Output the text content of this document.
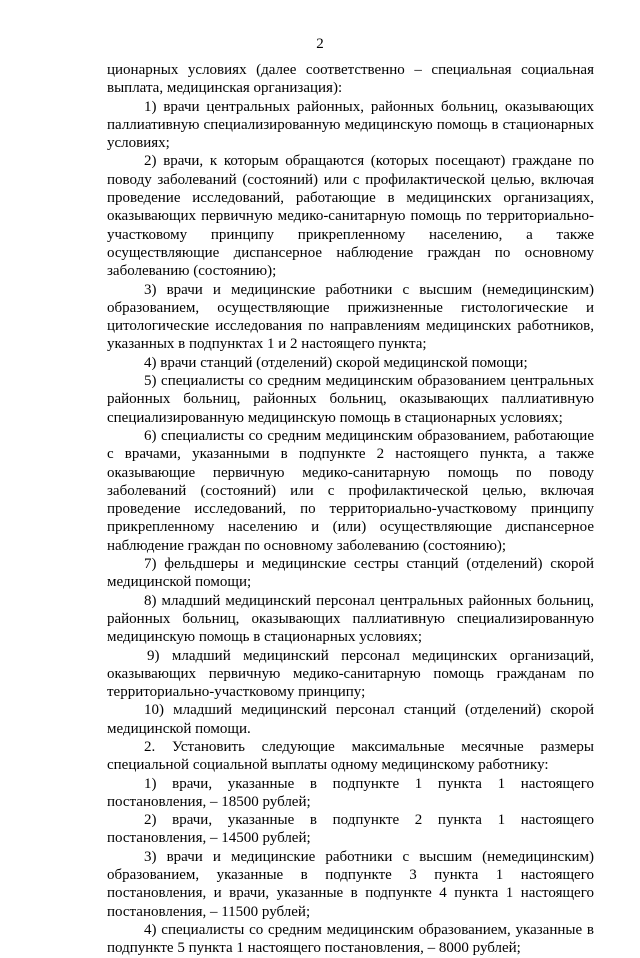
2

ционарных условиях (далее соответственно – специальная социальная выплата, медицинская организация):

1) врачи центральных районных, районных больниц, оказывающих паллиативную специализированную медицинскую помощь в стационарных условиях;

2) врачи, к которым обращаются (которых посещают) граждане по поводу заболеваний (состояний) или с профилактической целью, включая проведение исследований, работающие в медицинских организациях, оказывающих первичную медико-санитарную помощь по территориально-участковому принципу прикрепленному населению, а также осуществляющие диспансерное наблюдение граждан по основному заболеванию (состоянию);

3) врачи и медицинские работники с высшим (немедицинским) образованием, осуществляющие прижизненные гистологические и цитологические исследования по направлениям медицинских работников, указанных в подпунктах 1 и 2 настоящего пункта;

4) врачи станций (отделений) скорой медицинской помощи;

5) специалисты со средним медицинским образованием центральных районных больниц, районных больниц, оказывающих паллиативную специализированную медицинскую помощь в стационарных условиях;

6) специалисты со средним медицинским образованием, работающие с врачами, указанными в подпункте 2 настоящего пункта, а также оказывающие первичную медико-санитарную помощь по поводу заболеваний (состояний) или с профилактической целью, включая проведение исследований, по территориально-участковому принципу прикрепленному населению и (или) осуществляющие диспансерное наблюдение граждан по основному заболеванию (состоянию);

7) фельдшеры и медицинские сестры станций (отделений) скорой медицинской помощи;

8) младший медицинский персонал центральных районных больниц, районных больниц, оказывающих паллиативную специализированную медицинскую помощь в стационарных условиях;

9) младший медицинский персонал медицинских организаций, оказывающих первичную медико-санитарную помощь гражданам по территориально-участковому принципу;

10) младший медицинский персонал станций (отделений) скорой медицинской помощи.

2. Установить следующие максимальные месячные размеры специальной социальной выплаты одному медицинскому работнику:

1) врачи, указанные в подпункте 1 пункта 1 настоящего постановления, – 18500 рублей;

2) врачи, указанные в подпункте 2 пункта 1 настоящего постановления, – 14500 рублей;

3) врачи и медицинские работники с высшим (немедицинским) образованием, указанные в подпункте 3 пункта 1 настоящего постановления, и врачи, указанные в подпункте 4 пункта 1 настоящего постановления, – 11500 рублей;

4) специалисты со средним медицинским образованием, указанные в подпункте 5 пункта 1 настоящего постановления, – 8000 рублей;
